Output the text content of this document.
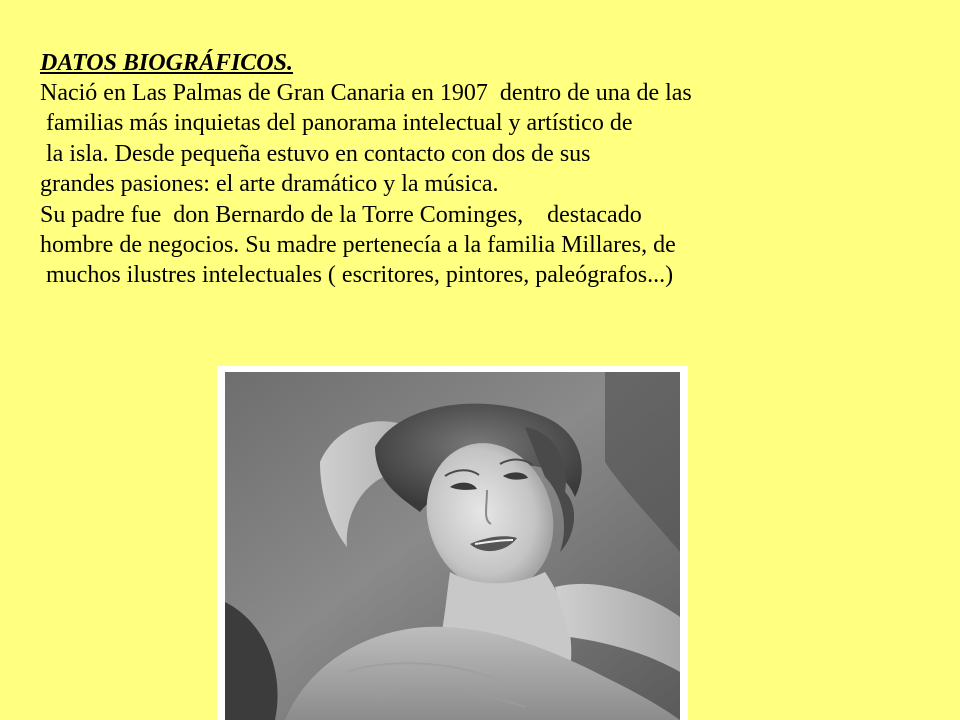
DATOS BIOGRÁFICOS.
Nació en Las Palmas de Gran Canaria en 1907  dentro de una de las
familias más inquietas del panorama intelectual y artístico de
la isla. Desde pequeña estuvo en contacto con dos de sus
grandes pasiones: el arte dramático y la música.
Su padre fue  don Bernardo de la Torre Cominges,    destacado
hombre de negocios. Su madre pertenecía a la familia Millares, de
muchos ilustres intelectuales ( escritores, pintores, paleógrafos...)
